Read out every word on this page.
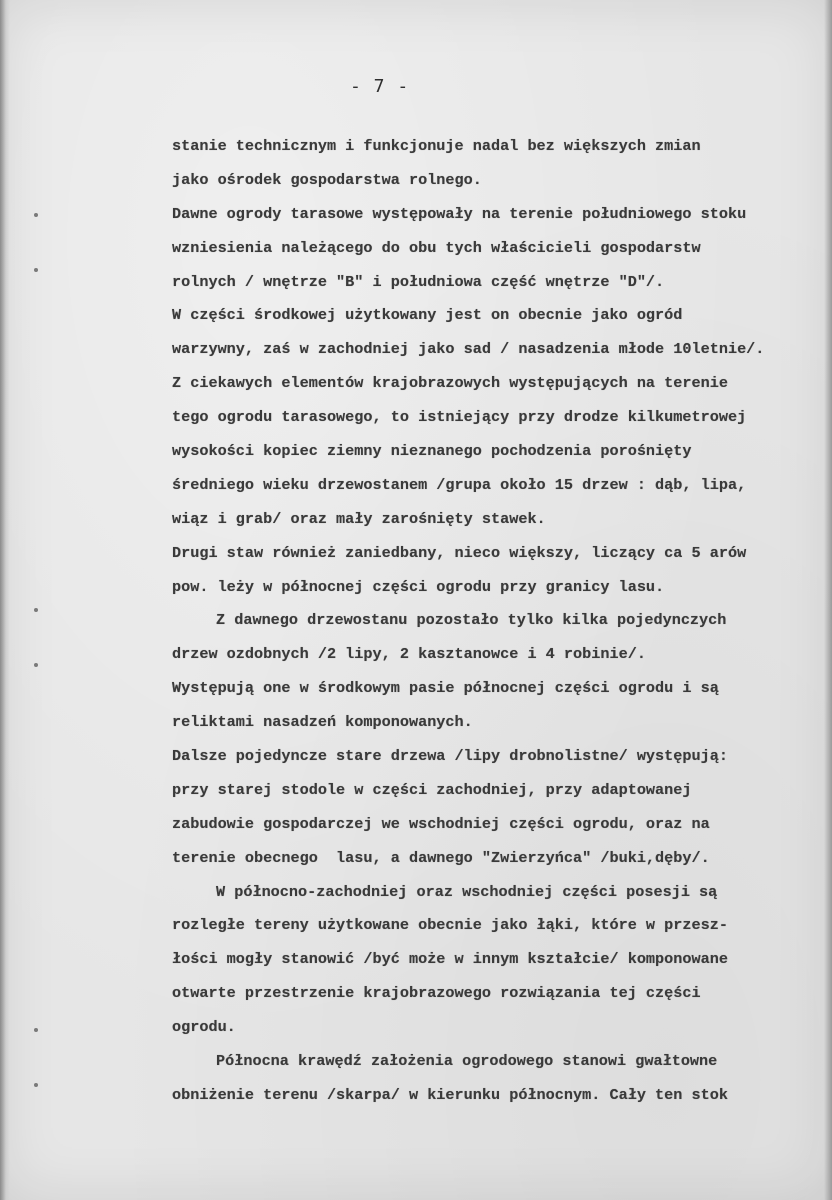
- 7 -
stanie technicznym i funkcjonuje nadal bez większych zmian
jako ośrodek gospodarstwa rolnego.
Dawne ogrody tarasowe występowały na terenie południowego stoku
wzniesienia należącego do obu tych właścicieli gospodarstw
rolnych / wnętrze "B" i południowa część wnętrze "D"/.
W części środkowej użytkowany jest on obecnie jako ogród
warzywny, zaś w zachodniej jako sad / nasadzenia młode 10letnie/.
Z ciekawych elementów krajobrazowych występujących na terenie
tego ogrodu tarasowego, to istniejący przy drodze kilkumetrowej
wysokości kopiec ziemny nieznanego pochodzenia porośnięty
średniego wieku drzewostanem /grupa około 15 drzew : dąb, lipa,
wiąz i grab/ oraz mały zarośnięty stawek.
Drugi staw również zaniedbany, nieco większy, liczący ca 5 arów
pow. leży w północnej części ogrodu przy granicy lasu.
Z dawnego drzewostanu pozostało tylko kilka pojedynczych
drzew ozdobnych /2 lipy, 2 kasztanowce i 4 robinie/.
Występują one w środkowym pasie północnej części ogrodu i są
reliktami nasadzeń komponowanych.
Dalsze pojedyncze stare drzewa /lipy drobnolistne/ występują:
przy starej stodole w części zachodniej, przy adaptowanej
zabudowie gospodarczej we wschodniej części ogrodu, oraz na
terenie obecnego  lasu, a dawnego "Zwierzyńca" /buki,dęby/.
W północno-zachodniej oraz wschodniej części posesji są
rozległe tereny użytkowane obecnie jako łąki, które w przesz-
łości mogły stanowić /być może w innym kształcie/ komponowane
otwarte przestrzenie krajobrazowego rozwiązania tej części
ogrodu.
Północna krawędź założenia ogrodowego stanowi gwałtowne
obniżenie terenu /skarpa/ w kierunku północnym. Cały ten stok
